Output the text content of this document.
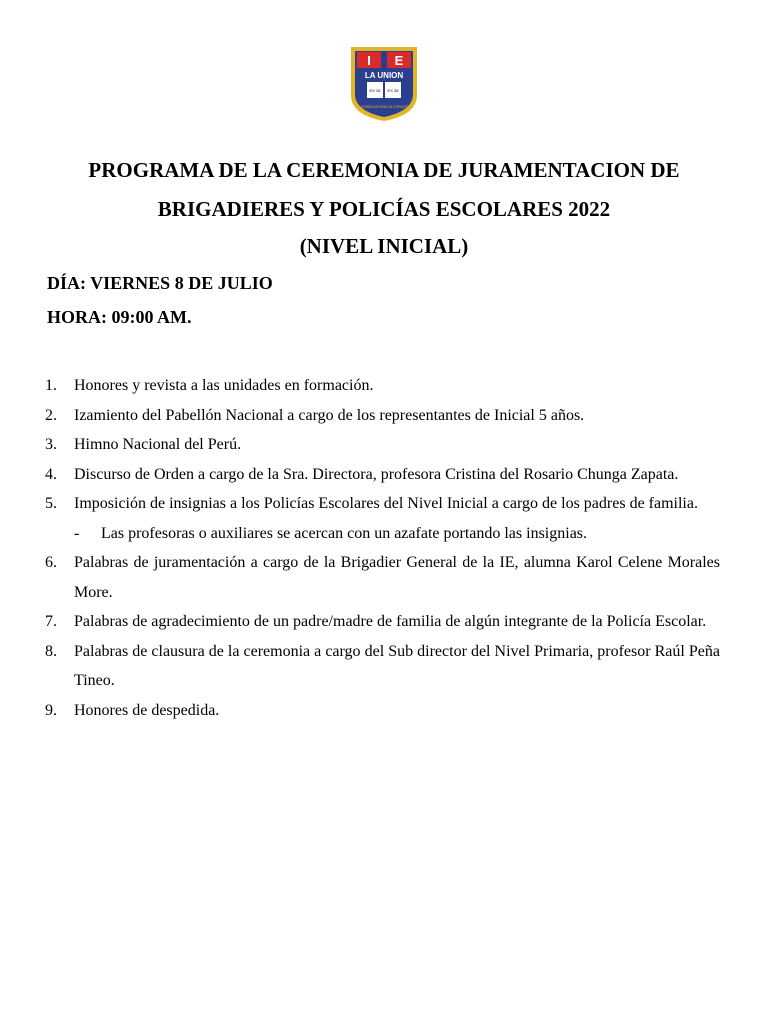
I E
LA UNION
EX 26 EX 35
ALEGRÍA DECENCIA CORAZÓN
PROGRAMA DE LA CEREMONIA DE JURAMENTACION DE
BRIGADIERES Y POLICÍAS ESCOLARES 2022
(NIVEL INICIAL)
DÍA: VIERNES 8 DE JULIO
HORA: 09:00 AM.
1.	Honores y revista a las unidades en formación.
2.	Izamiento del Pabellón Nacional a cargo de los representantes de Inicial 5 años.
3.	Himno Nacional del Perú.
4.	Discurso de Orden a cargo de la Sra. Directora, profesora Cristina del Rosario Chunga Zapata.
5.	Imposición de insignias a los Policías Escolares del Nivel Inicial a cargo de los padres de familia.
-	Las profesoras o auxiliares se acercan con un azafate portando las insignias.
6.	Palabras de juramentación a cargo de la Brigadier General de la IE, alumna Karol Celene Morales More.
7.	Palabras de agradecimiento de un padre/madre de familia de algún integrante de la Policía Escolar.
8.	Palabras de clausura de la ceremonia a cargo del Sub director del Nivel Primaria, profesor Raúl Peña Tineo.
9.	Honores de despedida.
